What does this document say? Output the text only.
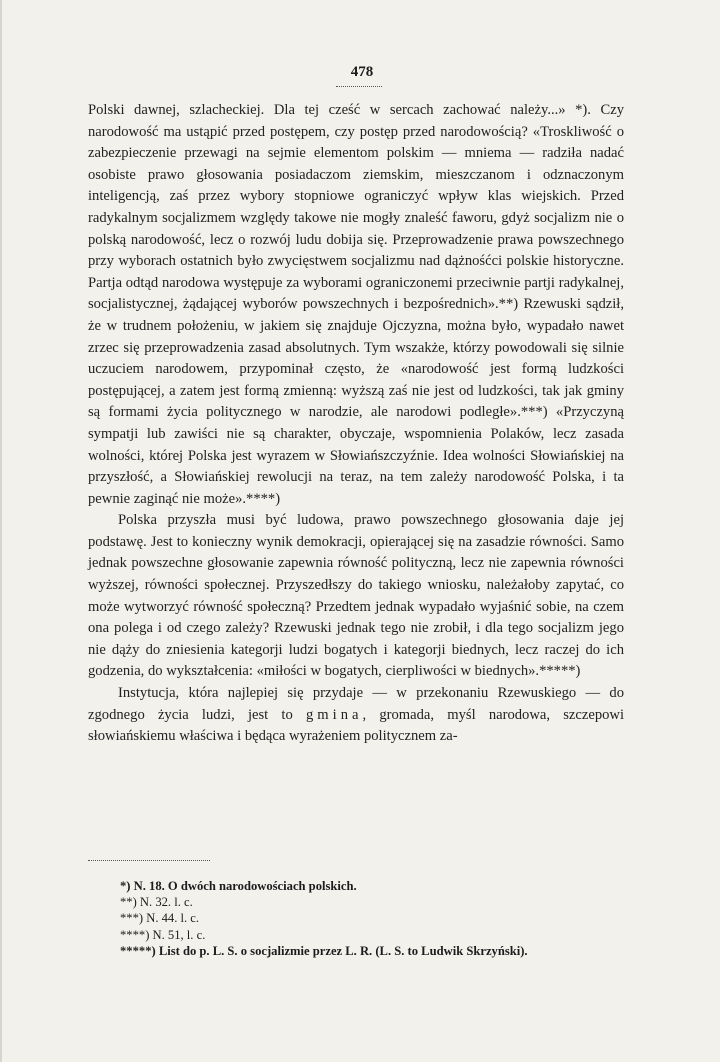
478

Polski dawnej, szlacheckiej. Dla tej cześć w sercach zachować należy...» *). Czy narodowość ma ustąpić przed postępem, czy postęp przed narodowością? «Troskliwość o zabezpieczenie przewagi na sejmie elementom polskim — mniema — radziła nadać osobiste prawo głosowania posiadaczom ziemskim, mieszczanom i odznaczonym inteligencją, zaś przez wybory stopniowe ograniczyć wpływ klas wiejskich. Przed radykalnym socjalizmem względy takowe nie mogły znaleść faworu, gdyż socjalizm nie o polską narodowość, lecz o rozwój ludu dobija się. Przeprowadzenie prawa powszechnego przy wyborach ostatnich było zwycięstwem socjalizmu nad dążnośćci polskie historyczne. Partja odtąd narodowa występuje za wyborami ograniczonemi przeciwnie partji radykalnej, socjalistycznej, żądającej wyborów powszechnych i bezpośrednich».**) Rzewuski sądził, że w trudnem położeniu, w jakiem się znajduje Ojczyzna, można było, wypadało nawet zrzec się przeprowadzenia zasad absolutnych. Tym wszakże, którzy powodowali się silnie uczuciem narodowem, przypominał często, że «narodowość jest formą ludzkości postępującej, a zatem jest formą zmienną: wyższą zaś nie jest od ludzkości, tak jak gminy są formami życia politycznego w narodzie, ale narodowi podległe».***) «Przyczyną sympatji lub zawiści nie są charakter, obyczaje, wspomnienia Polaków, lecz zasada wolności, której Polska jest wyrazem w Słowiańszczyźnie. Idea wolności Słowiańskiej na przyszłość, a Słowiańskiej rewolucji na teraz, na tem zależy narodowość Polska, i ta pewnie zaginąć nie może».****)

Polska przyszła musi być ludowa, prawo powszechnego głosowania daje jej podstawę. Jest to konieczny wynik demokracji, opierającej się na zasadzie równości. Samo jednak powszechne głosowanie zapewnia równość polityczną, lecz nie zapewnia równości wyższej, równości społecznej. Przyszedłszy do takiego wniosku, należałoby zapytać, co może wytworzyć równość społeczną? Przedtem jednak wypadało wyjaśnić sobie, na czem ona polega i od czego zależy? Rzewuski jednak tego nie zrobił, i dla tego socjalizm jego nie dąży do zniesienia kategorji ludzi bogatych i kategorji biednych, lecz raczej do ich godzenia, do wykształcenia: «miłości w bogatych, cierpliwości w biednych».*****)

Instytucja, która najlepiej się przydaje — w przekonaniu Rzewuskiego — do zgodnego życia ludzi, jest to gmina, gromada, myśl narodowa, szczepowi słowiańskiemu właściwa i będąca wyrażeniem politycznem za-

*) N. 18. O dwóch narodowościach polskich.
**) N. 32. l. c.
***) N. 44. l. c.
****) N. 51, l. c.
*****) List do p. L. S. o socjalizmie przez L. R. (L. S. to Ludwik Skrzyński).
